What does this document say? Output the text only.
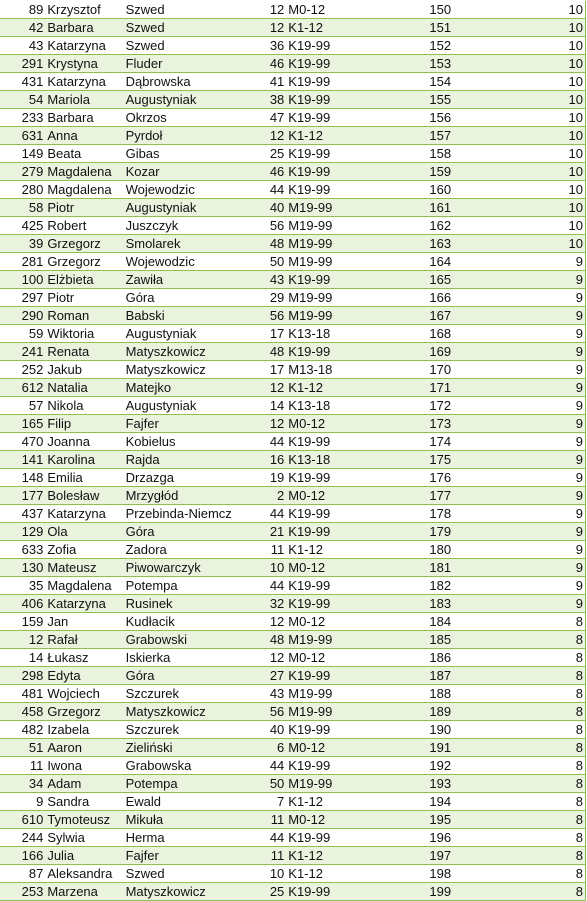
89	Krzysztof	Szwed	12	M0-12	150	10
42	Barbara	Szwed	12	K1-12	151	10
43	Katarzyna	Szwed	36	K19-99	152	10
291	Krystyna	Fluder	46	K19-99	153	10
431	Katarzyna	Dąbrowska	41	K19-99	154	10
54	Mariola	Augustyniak	38	K19-99	155	10
233	Barbara	Okrzos	47	K19-99	156	10
631	Anna	Pyrdoł	12	K1-12	157	10
149	Beata	Gibas	25	K19-99	158	10
279	Magdalena	Kozar	46	K19-99	159	10
280	Magdalena	Wojewodzic	44	K19-99	160	10
58	Piotr	Augustyniak	40	M19-99	161	10
425	Robert	Juszczyk	56	M19-99	162	10
39	Grzegorz	Smolarek	48	M19-99	163	10
281	Grzegorz	Wojewodzic	50	M19-99	164	9
100	Elżbieta	Zawiła	43	K19-99	165	9
297	Piotr	Góra	29	M19-99	166	9
290	Roman	Babski	56	M19-99	167	9
59	Wiktoria	Augustyniak	17	K13-18	168	9
241	Renata	Matyszkowicz	48	K19-99	169	9
252	Jakub	Matyszkowicz	17	M13-18	170	9
612	Natalia	Matejko	12	K1-12	171	9
57	Nikola	Augustyniak	14	K13-18	172	9
165	Filip	Fajfer	12	M0-12	173	9
470	Joanna	Kobielus	44	K19-99	174	9
141	Karolina	Rajda	16	K13-18	175	9
148	Emilia	Drzazga	19	K19-99	176	9
177	Bolesław	Mrzygłód	2	M0-12	177	9
437	Katarzyna	Przebinda-Niemcz	44	K19-99	178	9
129	Ola	Góra	21	K19-99	179	9
633	Zofia	Zadora	11	K1-12	180	9
130	Mateusz	Piwowarczyk	10	M0-12	181	9
35	Magdalena	Potempa	44	K19-99	182	9
406	Katarzyna	Rusinek	32	K19-99	183	9
159	Jan	Kudłacik	12	M0-12	184	8
12	Rafał	Grabowski	48	M19-99	185	8
14	Łukasz	Iskierka	12	M0-12	186	8
298	Edyta	Góra	27	K19-99	187	8
481	Wojciech	Szczurek	43	M19-99	188	8
458	Grzegorz	Matyszkowicz	56	M19-99	189	8
482	Izabela	Szczurek	40	K19-99	190	8
51	Aaron	Zieliński	6	M0-12	191	8
11	Iwona	Grabowska	44	K19-99	192	8
34	Adam	Potempa	50	M19-99	193	8
9	Sandra	Ewald	7	K1-12	194	8
610	Tymoteusz	Mikuła	11	M0-12	195	8
244	Sylwia	Herma	44	K19-99	196	8
166	Julia	Fajfer	11	K1-12	197	8
87	Aleksandra	Szwed	10	K1-12	198	8
253	Marzena	Matyszkowicz	25	K19-99	199	8
